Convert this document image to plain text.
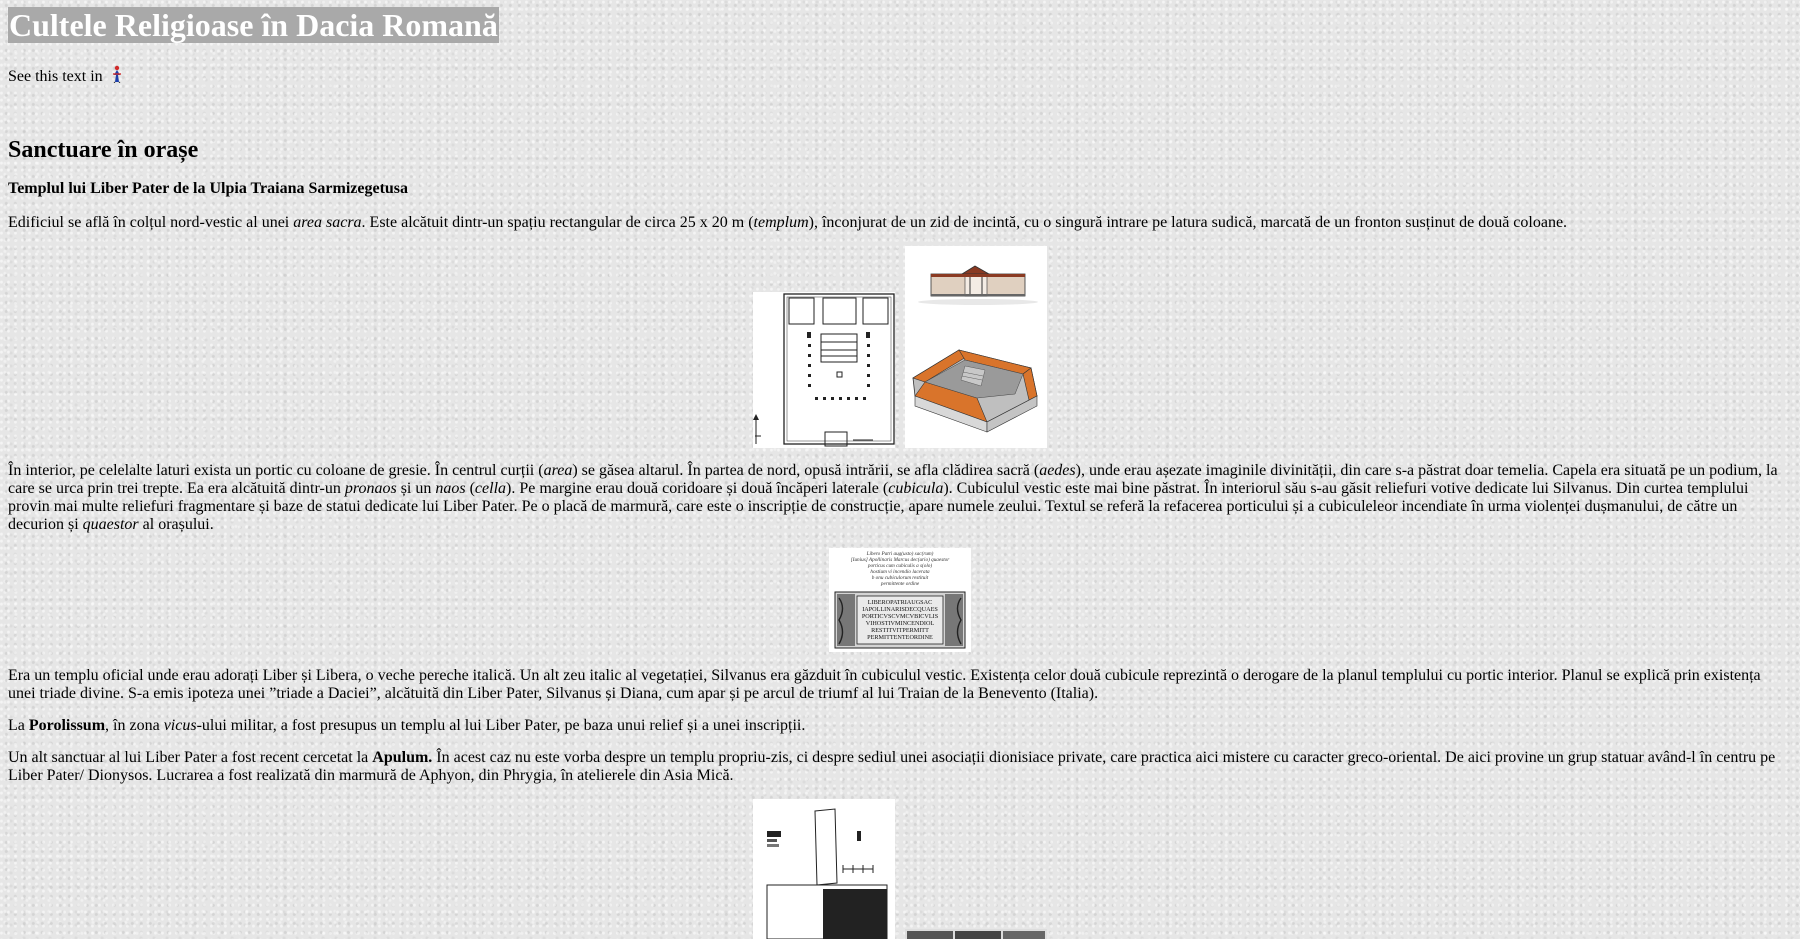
Cultele Religioase în Dacia Romană

See this text in

Sanctuare în orașe
Templul lui Liber Pater de la Ulpia Traiana Sarmizegetusa

Edificiul se află în colțul nord-vestic al unei area sacra. Este alcătuit dintr-un spațiu rectangular de circa 25 x 20 m (templum), înconjurat de un zid de incintă, cu o singură intrare pe latura sudică, marcată de un fronton susținut de două coloane.

În interior, pe celelalte laturi exista un portic cu coloane de gresie. În centrul curții (area) se găsea altarul. În partea de nord, opusă intrării, se afla clădirea sacră (aedes), unde erau așezate imaginile divinității, din care s-a păstrat doar temelia. Capela era situată pe un podium, la care se urca prin trei trepte. Ea era alcătuită dintr-un pronaos și un naos (cella). Pe margine erau două coridoare și două încăperi laterale (cubicula). Cubiculul vestic este mai bine păstrat. În interiorul său s-au găsit reliefuri votive dedicate lui Silvanus. Din curtea templului provin mai multe reliefuri fragmentare și baze de statui dedicate lui Liber Pater. Pe o placă de marmură, care este o inscripție de construcție, apare numele zeului. Textul se referă la refacerea porticului și a cubiculeleor incendiate în urma violenței dușmanului, de către un decurion și quaestor al orașului.

Libero Patri aug(usto) sac(rum)
[Iunius] Apollinaris Marcus dec(urio) quaestor
porticus cum cubiculis a s(olo)
hostium vi incendio lacerata
b onu cubiculorum restituit
permittente ordine
LIBEROPATRIAUGSAC
IAPOLLINARISDECQUAES
PORTICVSCVMCVBICVLIS
VIHOSTIVMINCENDIOL
RESTITVITPERMITT
PERMITTENTEORDINE

Era un templu oficial unde erau adorați Liber și Libera, o veche pereche italică. Un alt zeu italic al vegetației, Silvanus era găzduit în cubiculul vestic. Existența celor două cubicule reprezintă o derogare de la planul templului cu portic interior. Planul se explică prin existența unei triade divine. S-a emis ipoteza unei ”triade a Daciei”, alcătuită din Liber Pater, Silvanus și Diana, cum apar și pe arcul de triumf al lui Traian de la Benevento (Italia).

La Porolissum, în zona vicus-ului militar, a fost presupus un templu al lui Liber Pater, pe baza unui relief și a unei inscripții.

Un alt sanctuar al lui Liber Pater a fost recent cercetat la Apulum. În acest caz nu este vorba despre un templu propriu-zis, ci despre sediul unei asociații dionisiace private, care practica aici mistere cu caracter greco-oriental. De aici provine un grup statuar având-l în centru pe Liber Pater/ Dionysos. Lucrarea a fost realizată din marmură de Aphyon, din Phrygia, în atelierele din Asia Mică.
